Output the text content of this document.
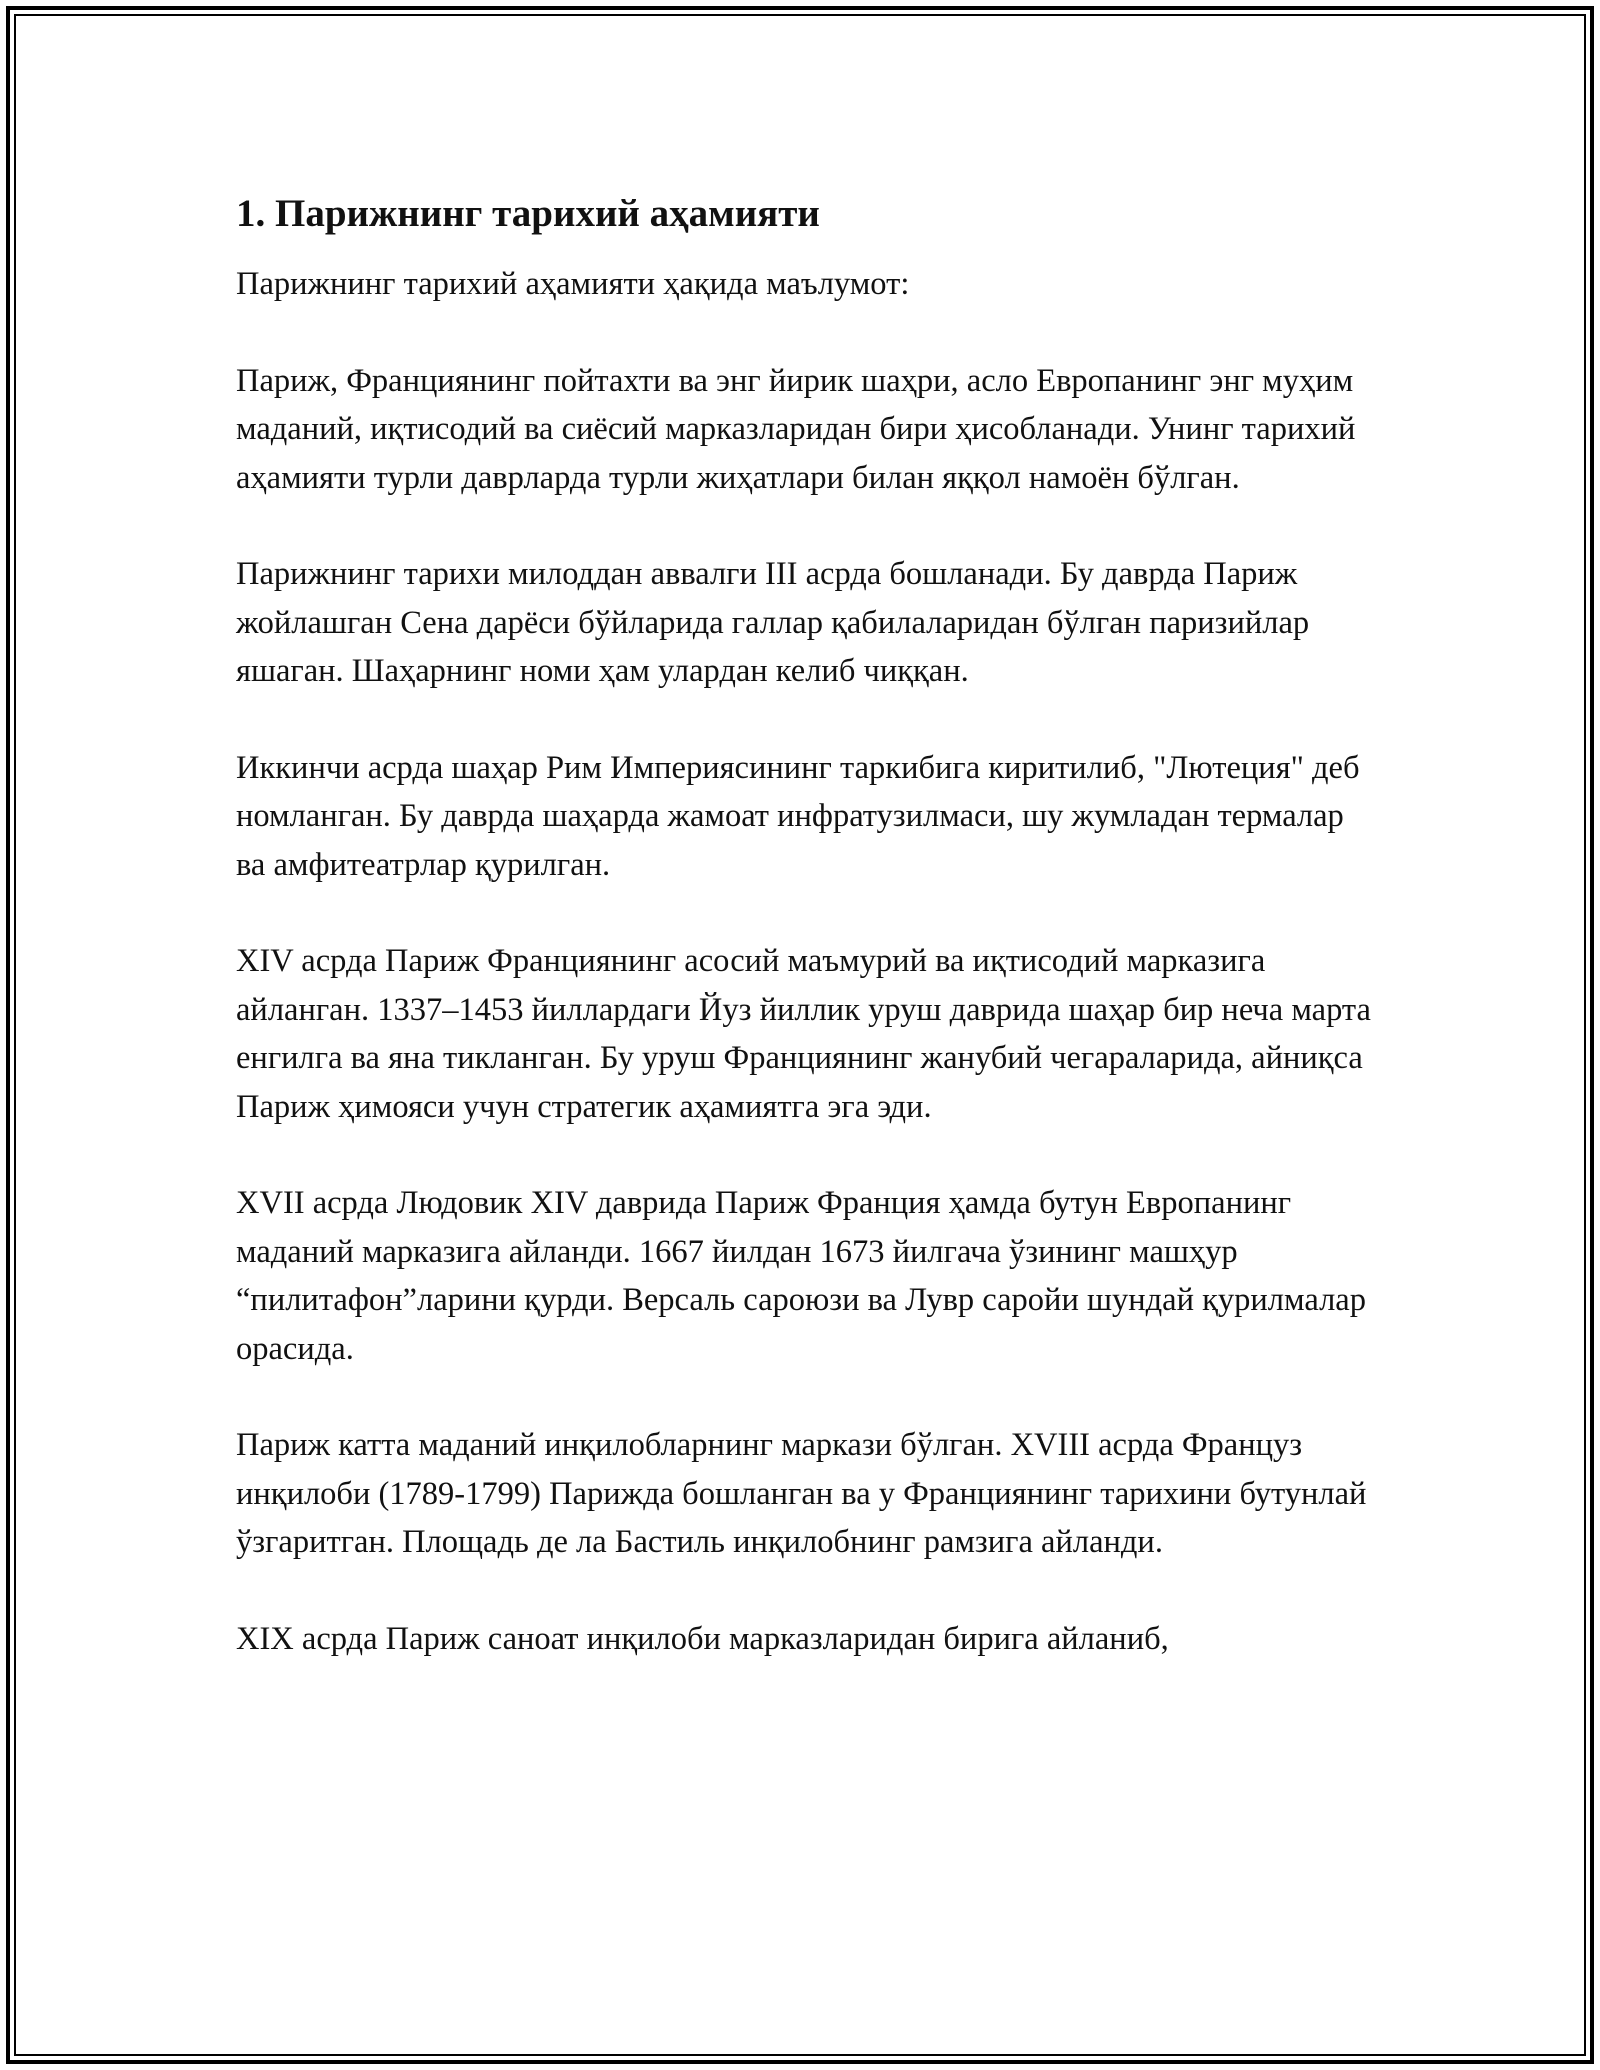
1. Парижнинг тарихий аҳамияти

Парижнинг тарихий аҳамияти ҳақида маълумот:

Париж, Франциянинг пойтахти ва энг йирик шаҳри, асло Европанинг энг муҳим маданий, иқтисодий ва сиёсий марказларидан бири ҳисобланади. Унинг тарихий аҳамияти турли даврларда турли жиҳатлари билан яққол намоён бўлган.

Парижнинг тарихи милоддан аввалги III асрда бошланади. Бу даврда Париж жойлашган Сена дарёси бўйларида галлар қабилаларидан бўлган паризийлар яшаган. Шаҳарнинг номи ҳам улардан келиб чиққан.

Иккинчи асрда шаҳар Рим Империясининг таркибига киритилиб, "Лютеция" деб номланган. Бу даврда шаҳарда жамоат инфратузилмаси, шу жумладан термалар ва амфитеатрлар қурилган.

XIV асрда Париж Франциянинг асосий маъмурий ва иқтисодий марказига айланган. 1337–1453 йиллардаги Йуз йиллик уруш даврида шаҳар бир неча марта енгилга ва яна тикланган. Бу уруш Франциянинг жанубий чегараларида, айниқса Париж ҳимояси учун стратегик аҳамиятга эга эди.

XVII асрда Людовик XIV даврида Париж Франция ҳамда бутун Европанинг маданий марказига айланди. 1667 йилдан 1673 йилгача ўзининг машҳур “пилитафон”ларини қурди. Версаль сароюзи ва Лувр саройи шундай қурилмалар орасида.

Париж катта маданий инқилобларнинг маркази бўлган. XVIII асрда Француз инқилоби (1789-1799) Парижда бошланган ва у Франциянинг тарихини бутунлай ўзгаритган. Площадь де ла Бастиль инқилобнинг рамзига айланди.

XIX асрда Париж саноат инқилоби марказларидан бирига айланиб,
